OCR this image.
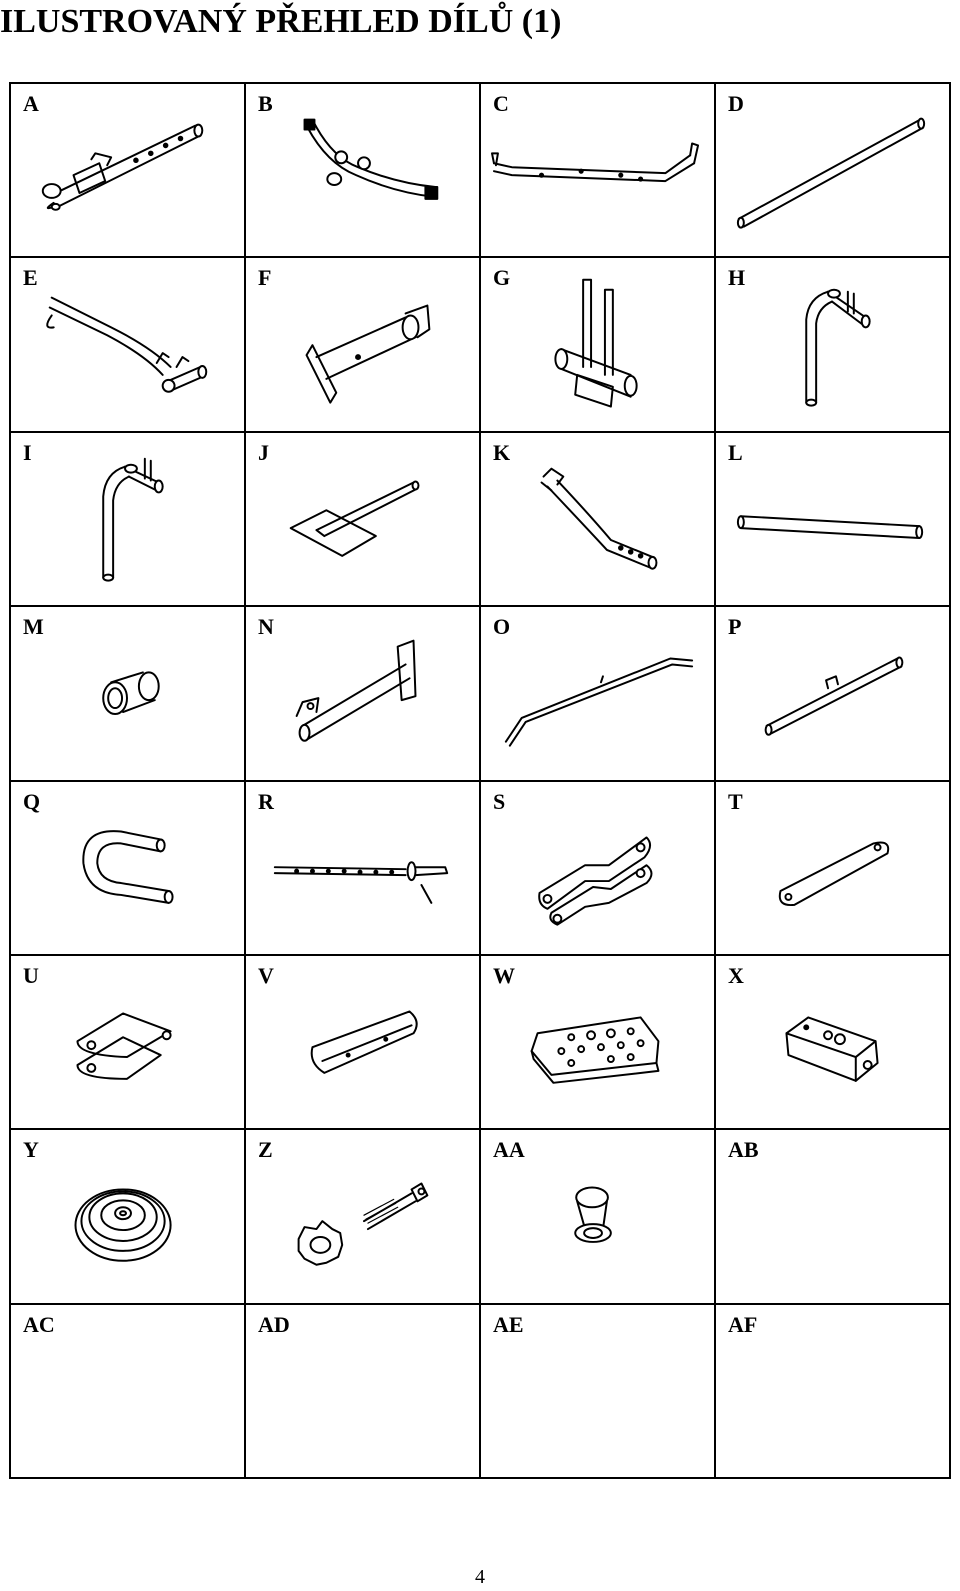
ILUSTROVANÝ PŘEHLED DÍLŮ (1)
A	B	C	D
E	F	G	H
I	J	K	L
M	N	O	P
Q	R	S	T
U	V	W	X
Y	Z	AA	AB
AC	AD	AE	AF
4
